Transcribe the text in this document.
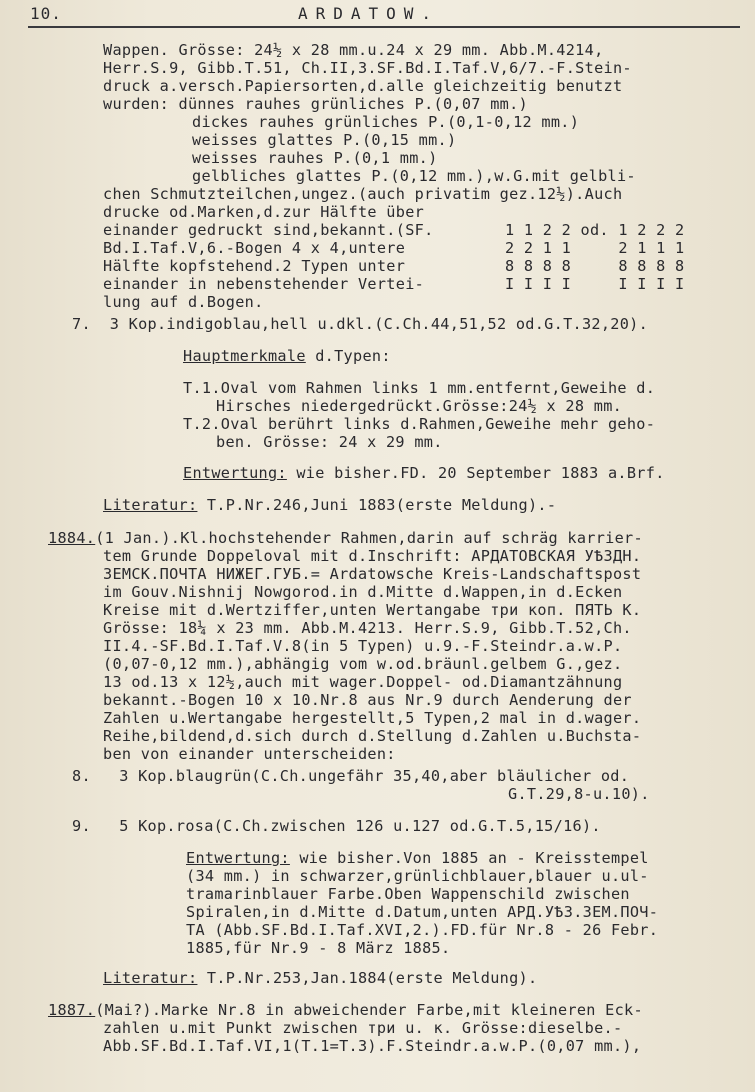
10.	ARDATOW.
Wappen. Grösse: 24½ x 28 mm.u.24 x 29 mm. Abb.M.4214,
Herr.S.9, Gibb.T.51, Ch.II,3.SF.Bd.I.Taf.V,6/7.-F.Stein-
druck a.versch.Papiersorten,d.alle gleichzeitig benutzt
wurden: dünnes rauhes grünliches P.(0,07 mm.)
dickes rauhes grünliches P.(0,1-0,12 mm.)
weisses glattes P.(0,15 mm.)
weisses rauhes P.(0,1 mm.)
gelbliches glattes P.(0,12 mm.),w.G.mit gelbli-
chen Schmutzteilchen,ungez.(auch privatim gez.12½).Auch
drucke od.Marken,d.zur Hälfte über
einander gedruckt sind,bekannt.(SF.
Bd.I.Taf.V,6.-Bogen 4 x 4,untere
Hälfte kopfstehend.2 Typen unter
einander in nebenstehender Vertei-
lung auf d.Bogen.
1 1 2 2 od. 1 2 2 2
2 2 1 1     2 1 1 1
8 8 8 8     8 8 8 8
I I I I     I I I I
7.  3 Kop.indigoblau,hell u.dkl.(C.Ch.44,51,52 od.G.T.32,20).
Hauptmerkmale d.Typen:
T.1.Oval vom Rahmen links 1 mm.entfernt,Geweihe d.
Hirsches niedergedrückt.Grösse:24½ x 28 mm.
T.2.Oval berührt links d.Rahmen,Geweihe mehr geho-
ben. Grösse: 24 x 29 mm.
Entwertung: wie bisher.FD. 20 September 1883 a.Brf.
Literatur: T.P.Nr.246,Juni 1883(erste Meldung).-
1884.(1 Jan.).Kl.hochstehender Rahmen,darin auf schräg karrier-
tem Grunde Doppeloval mit d.Inschrift: АРДАТОВСКАЯ УѢЗДН.
ЗЕМСК.ПОЧТА НИЖЕГ.ГУБ.= Ardatowsche Kreis-Landschaftspost
im Gouv.Nishnij Nowgorod.in d.Mitte d.Wappen,in d.Ecken
Kreise mit d.Wertziffer,unten Wertangabe три коп. ПЯТЬ К.
Grösse: 18¼ x 23 mm. Abb.M.4213. Herr.S.9, Gibb.T.52,Ch.
II.4.-SF.Bd.I.Taf.V.8(in 5 Typen) u.9.-F.Steindr.a.w.P.
(0,07-0,12 mm.),abhängig vom w.od.bräunl.gelbem G.,gez.
13 od.13 x 12½,auch mit wager.Doppel- od.Diamantzähnung
bekannt.-Bogen 10 x 10.Nr.8 aus Nr.9 durch Aenderung der
Zahlen u.Wertangabe hergestellt,5 Typen,2 mal in d.wager.
Reihe,bildend,d.sich durch d.Stellung d.Zahlen u.Buchsta-
ben von einander unterscheiden:
8.   3 Kop.blaugrün(C.Ch.ungefähr 35,40,aber bläulicher od.
G.T.29,8-u.10).
9.   5 Kop.rosa(C.Ch.zwischen 126 u.127 od.G.T.5,15/16).
Entwertung: wie bisher.Von 1885 an - Kreisstempel
(34 mm.) in schwarzer,grünlichblauer,blauer u.ul-
tramarinblauer Farbe.Oben Wappenschild zwischen
Spiralen,in d.Mitte d.Datum,unten АРД.УѢЗ.ЗЕМ.ПОЧ-
ТА (Abb.SF.Bd.I.Taf.XVI,2.).FD.für Nr.8 - 26 Febr.
1885,für Nr.9 - 8 März 1885.
Literatur: T.P.Nr.253,Jan.1884(erste Meldung).
1887.(Mai?).Marke Nr.8 in abweichender Farbe,mit kleineren Eck-
zahlen u.mit Punkt zwischen три u. к. Grösse:dieselbe.-
Abb.SF.Bd.I.Taf.VI,1(T.1=T.3).F.Steindr.a.w.P.(0,07 mm.),
